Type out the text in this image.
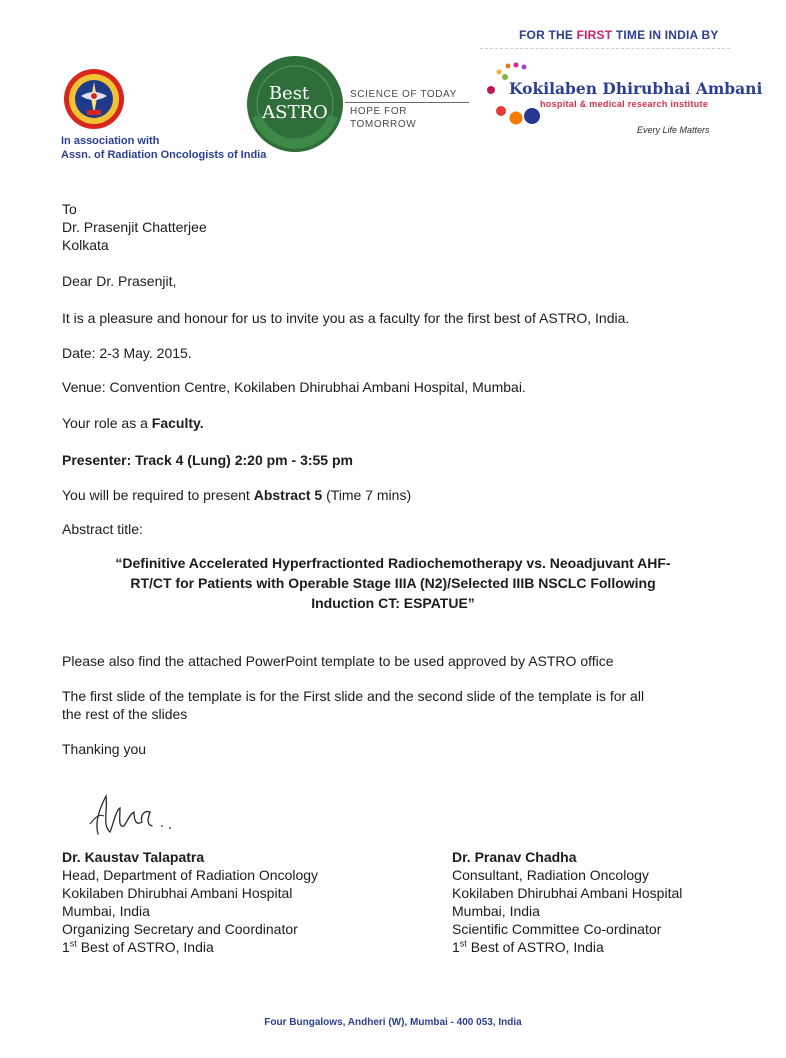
FOR THE FIRST TIME IN INDIA BY
In association with
Assn. of Radiation Oncologists of India
Best
ASTRO
SCIENCE OF TODAY
HOPE FOR TOMORROW
Kokilaben Dhirubhai Ambani
hospital & medical research institute
Every Life Matters
To
Dr. Prasenjit Chatterjee
Kolkata
Dear Dr. Prasenjit,
It is a pleasure and honour for us to invite you as a faculty for the first best of ASTRO, India.
Date: 2-3 May. 2015.
Venue: Convention Centre, Kokilaben Dhirubhai Ambani Hospital, Mumbai.
Your role as a Faculty.
Presenter: Track 4 (Lung) 2:20 pm - 3:55 pm
You will be required to present Abstract 5 (Time 7 mins)
Abstract title:
“Definitive Accelerated Hyperfractionted Radiochemotherapy vs. Neoadjuvant AHF-
RT/CT for Patients with Operable Stage IIIA (N2)/Selected IIIB NSCLC Following
Induction CT: ESPATUE”
Please also find the attached PowerPoint template to be used approved by ASTRO office
The first slide of the template is for the First slide and the second slide of the template is for all
the rest of the slides
Thanking you
Dr. Kaustav Talapatra
Head, Department of Radiation Oncology
Kokilaben Dhirubhai Ambani Hospital
Mumbai, India
Organizing Secretary and Coordinator
1st Best of ASTRO, India
Dr. Pranav Chadha
Consultant, Radiation Oncology
Kokilaben Dhirubhai Ambani Hospital
Mumbai, India
Scientific Committee Co-ordinator
1st Best of ASTRO, India
Four Bungalows, Andheri (W), Mumbai - 400 053, India
